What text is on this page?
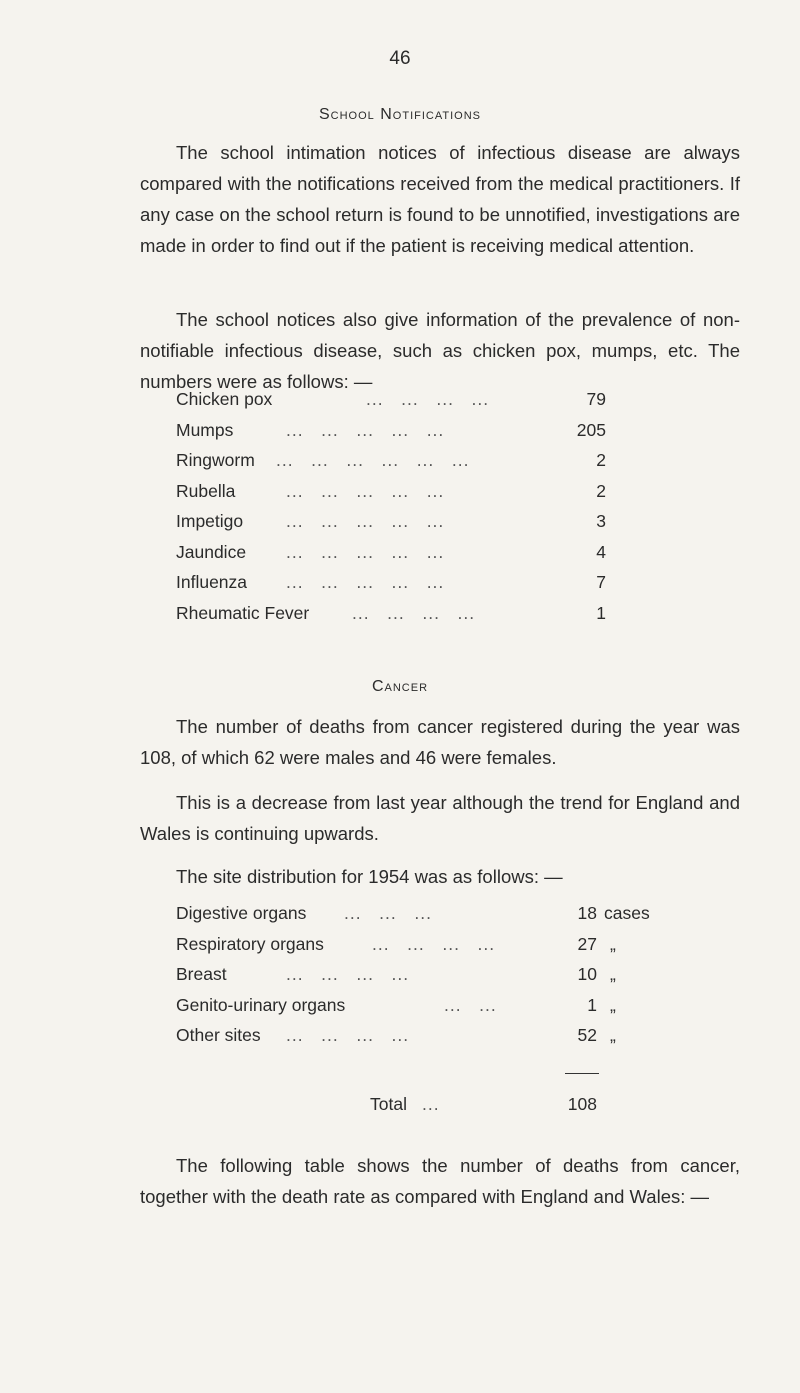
46
School Notifications

The school intimation notices of infectious disease are always compared with the notifications received from the medical practitioners. If any case on the school return is found to be unnotified, investigations are made in order to find out if the patient is receiving medical attention.

The school notices also give information of the prevalence of non-notifiable infectious disease, such as chicken pox, mumps, etc. The numbers were as follows: —

Chicken pox	...   ...   ...   ...	79
Mumps	...   ...   ...   ...   ...	205
Ringworm ...   ...   ...   ...   ...   ...	2
Rubella	...   ...   ...   ...   ...	2
Impetigo ...   ...   ...   ...   ...	3
Jaundice ...   ...   ...   ...   ...	4
Influenza ...   ...   ...   ...   ...	7
Rheumatic Fever ...   ...   ...   ...	1
Cancer

The number of deaths from cancer registered during the year was 108, of which 62 were males and 46 were females.

This is a decrease from last year although the trend for England and Wales is continuing upwards.

The site distribution for 1954 was as follows: —

Digestive organs ...   ...   ...	18 cases
Respiratory organs	...   ...   ...   ...	27 „
Breast	...   ...   ...   ...	10 „
Genito-urinary organs	...   ...	1 „
Other sites ...   ...   ...   ...	52 „
Total ...	108

The following table shows the number of deaths from cancer, together with the death rate as compared with England and Wales: —
